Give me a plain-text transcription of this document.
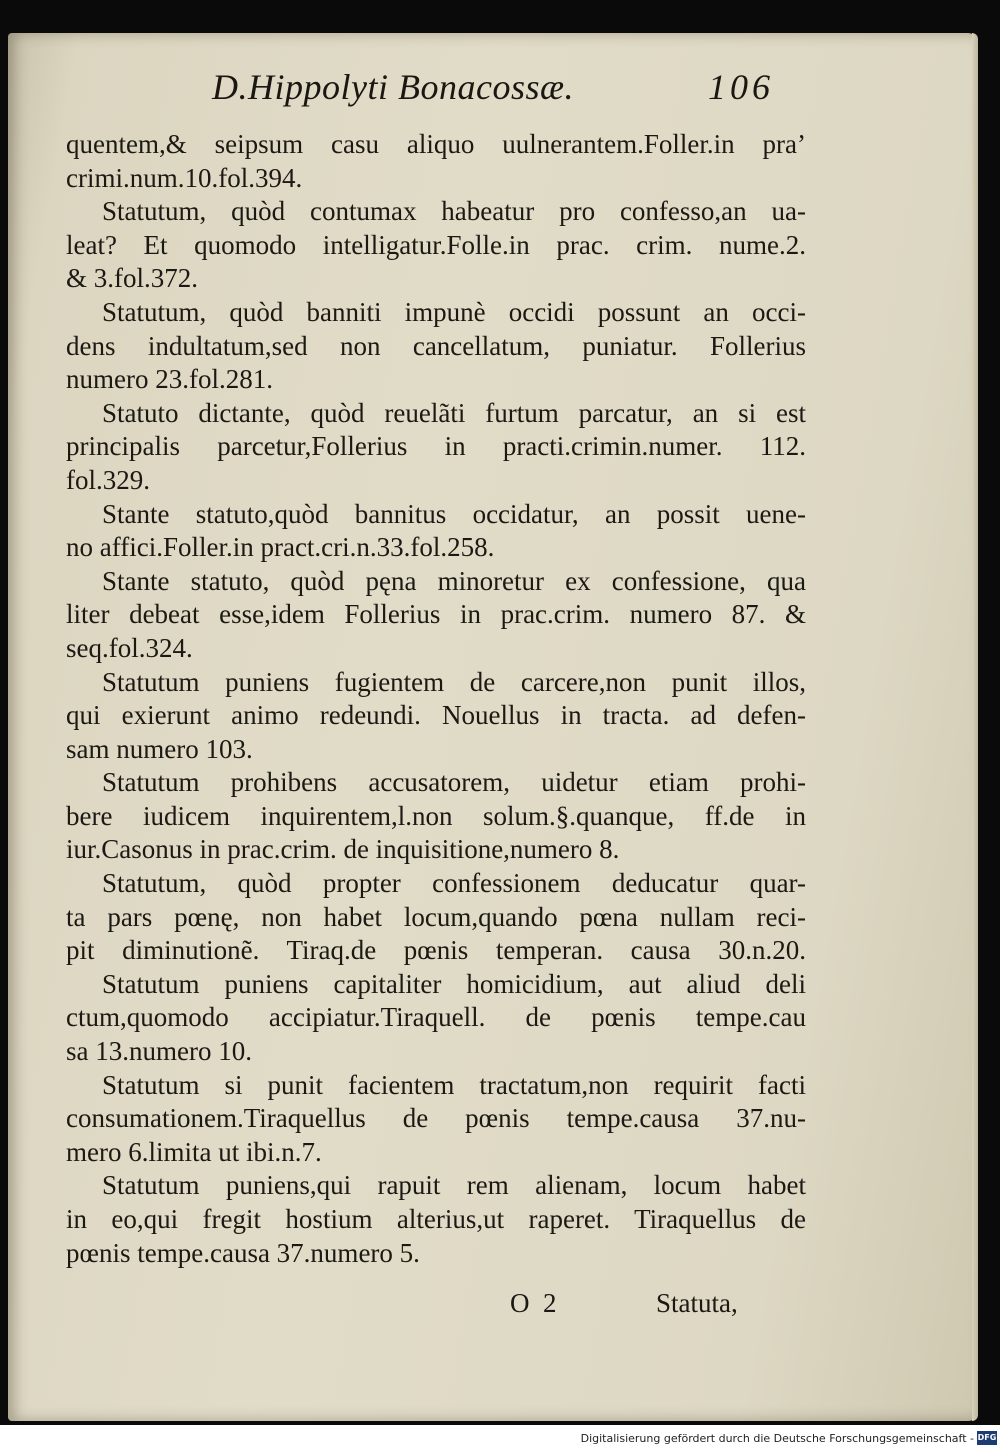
D.Hippolyti Bonacossæ.	106
quentem,& seipsum casu aliquo uulnerantem.Foller.in pra’
crimi.num.10.fol.394.
Statutum, quòd contumax habeatur pro confesso,an ua-
leat? Et quomodo intelligatur.Folle.in prac. crim. nume.2.
& 3.fol.372.
Statutum, quòd banniti impunè occidi possunt an occi-
dens indultatum,sed non cancellatum, puniatur. Follerius
numero 23.fol.281.
Statuto dictante, quòd reuelãti furtum parcatur, an si est
principalis parcetur,Follerius in practi.crimin.numer. 112.
fol.329.
Stante statuto,quòd bannitus occidatur, an possit uene-
no affici.Foller.in pract.cri.n.33.fol.258.
Stante statuto, quòd pęna minoretur ex confessione, qua
liter debeat esse,idem Follerius in prac.crim. numero 87. &
seq.fol.324.
Statutum puniens fugientem de carcere,non punit illos,
qui exierunt animo redeundi. Nouellus in tracta. ad defen-
sam numero 103.
Statutum prohibens accusatorem, uidetur etiam prohi-
bere iudicem inquirentem,l.non solum.§.quanque, ff.de in
iur.Casonus in prac.crim. de inquisitione,numero 8.
Statutum, quòd propter confessionem deducatur quar-
ta pars pœnę, non habet locum,quando pœna nullam reci-
pit diminutionẽ. Tiraq.de pœnis temperan. causa 30.n.20.
Statutum puniens capitaliter homicidium, aut aliud deli
ctum,quomodo accipiatur.Tiraquell. de pœnis tempe.cau
sa 13.numero 10.
Statutum si punit facientem tractatum,non requirit facti
consumationem.Tiraquellus de pœnis tempe.causa 37.nu-
mero 6.limita ut ibi.n.7.
Statutum puniens,qui rapuit rem alienam, locum habet
in eo,qui fregit hostium alterius,ut raperet. Tiraquellus de
pœnis tempe.causa 37.numero 5.
O  2	Statuta,
Digitalisierung gefördert durch die Deutsche Forschungsgemeinschaft - DFG
